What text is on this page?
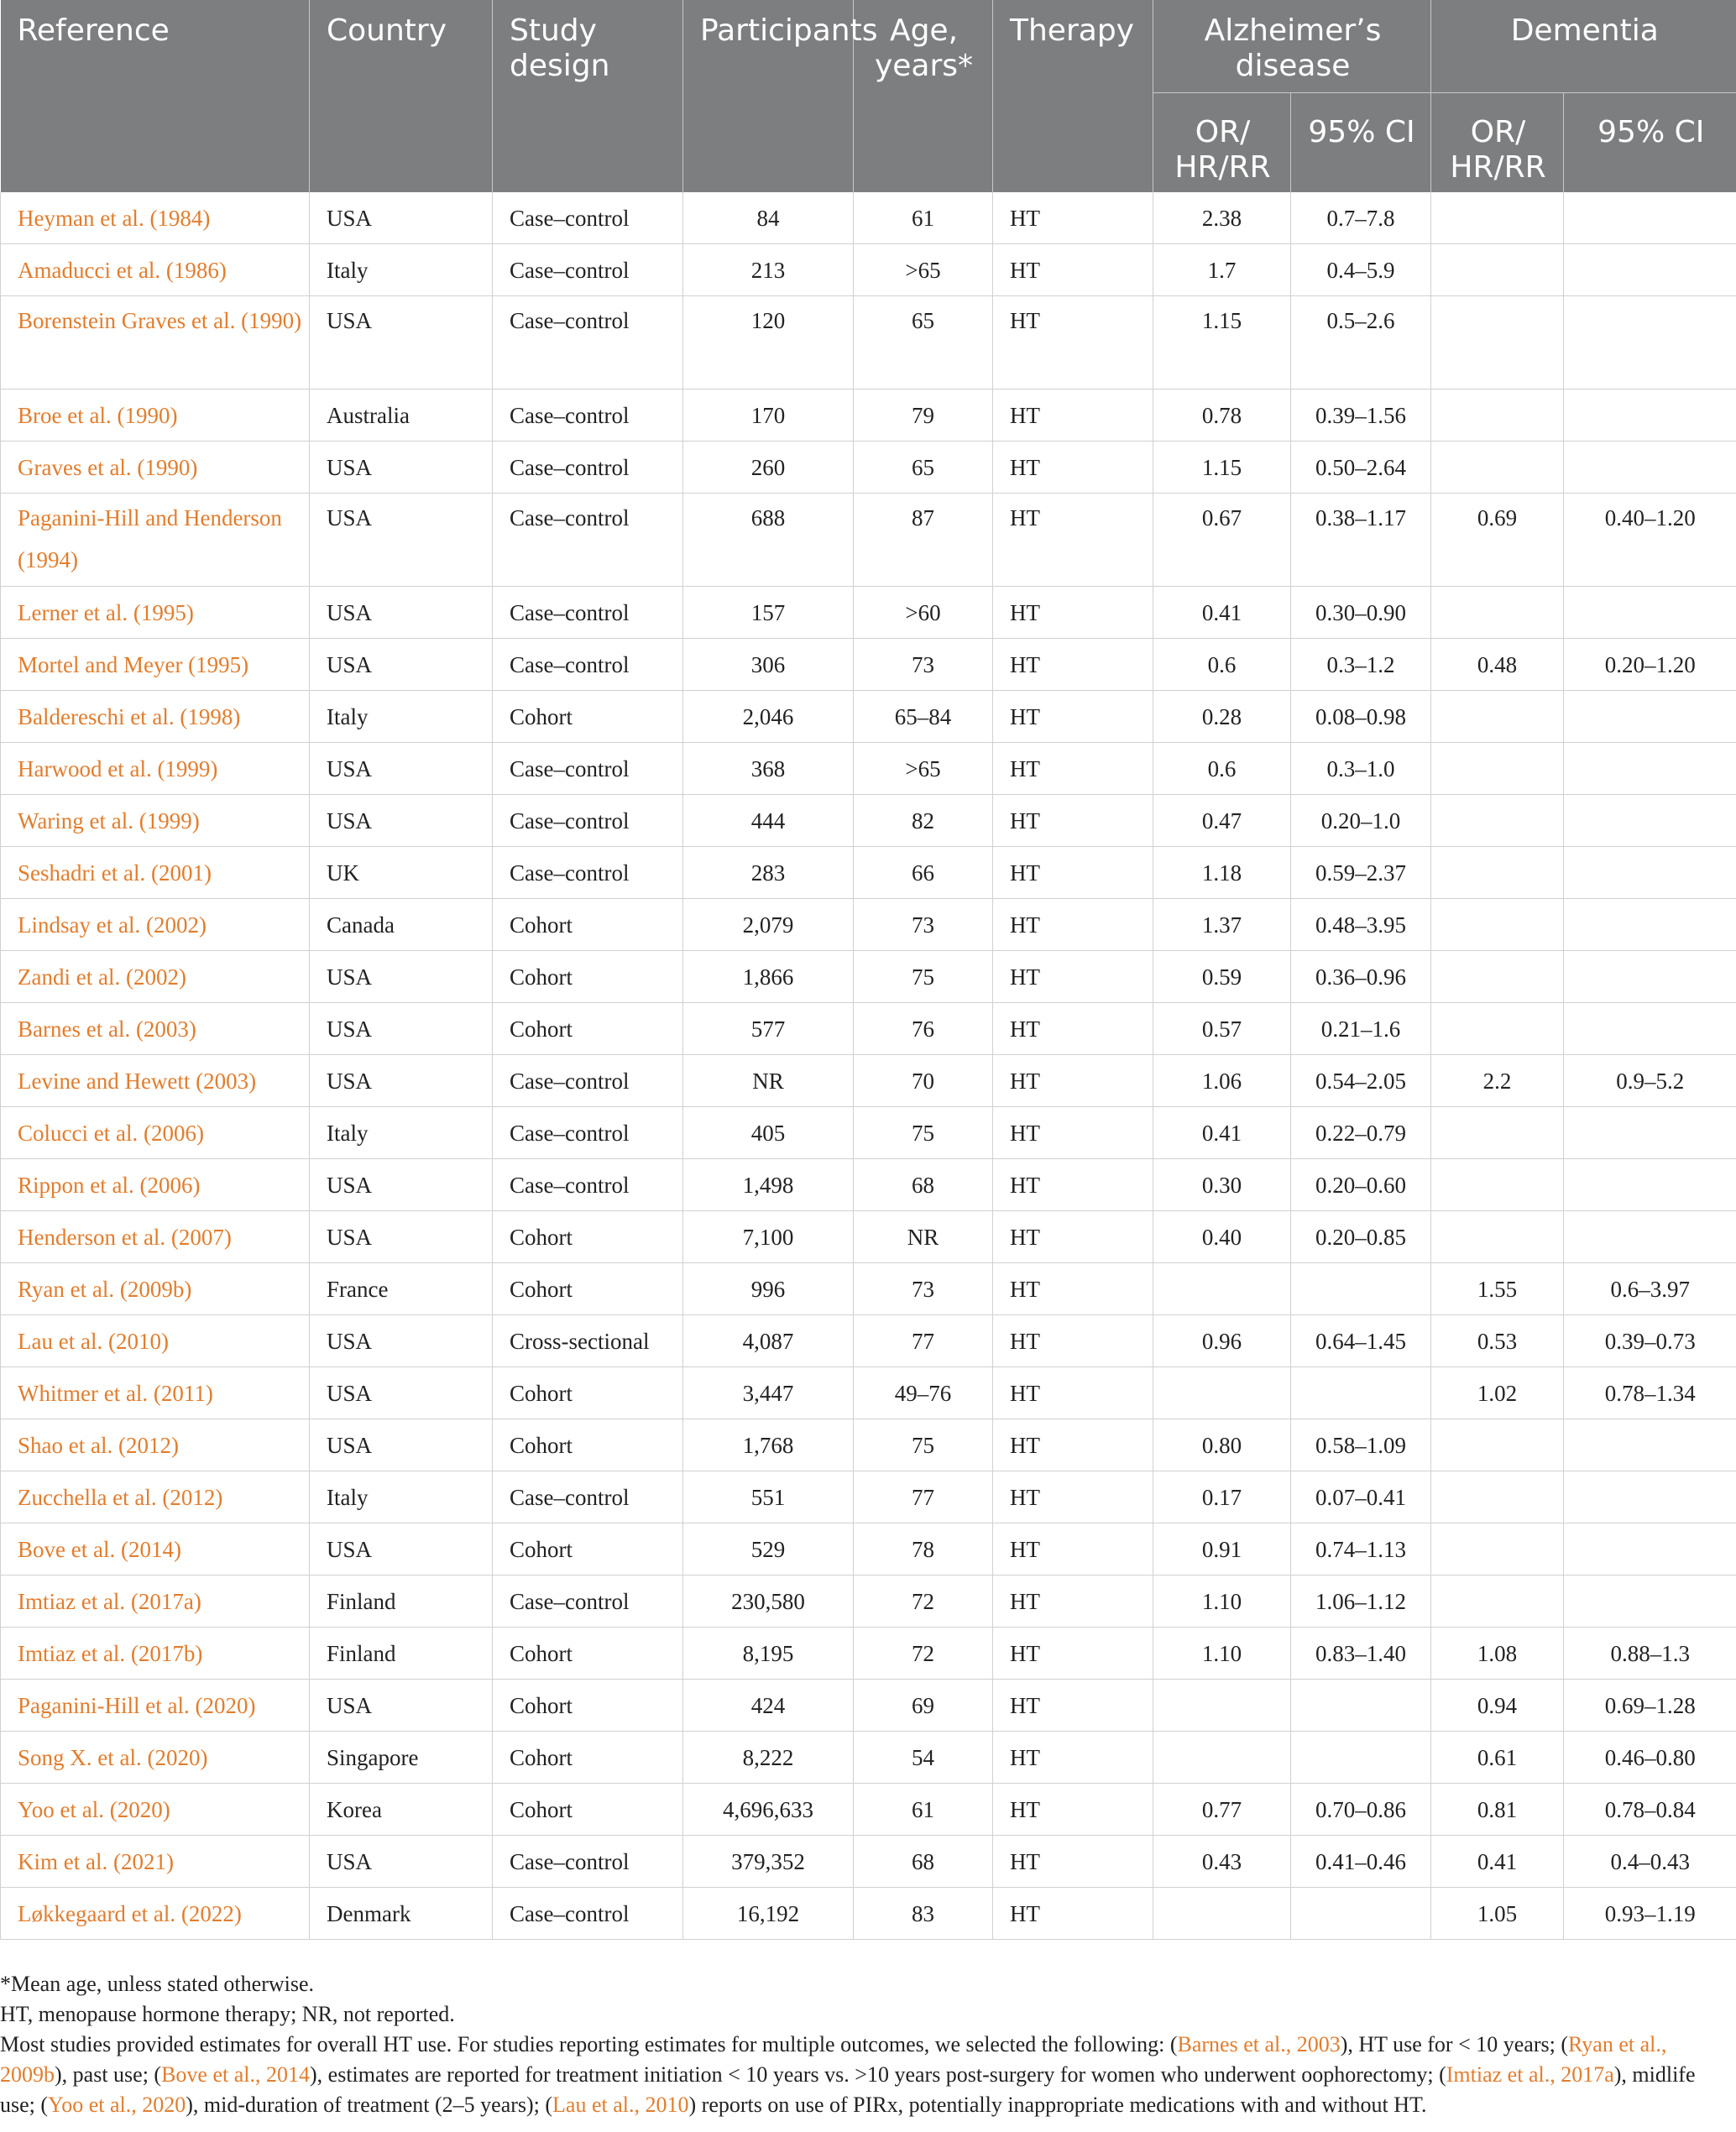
Reference	Country	Study design	Participants	Age, years*	Therapy	Alzheimer’s disease		Dementia	
						OR/ HR/RR	95% CI	OR/ HR/RR	95% CI

Heyman et al. (1984)	USA	Case–control	84	61	HT	2.38	0.7–7.8		

Amaducci et al. (1986)	Italy	Case–control	213	>65	HT	1.7	0.4–5.9		

Borenstein Graves et al. (1990)	USA	Case–control	120	65	HT	1.15	0.5–2.6		

Broe et al. (1990)	Australia	Case–control	170	79	HT	0.78	0.39–1.56		

Graves et al. (1990)	USA	Case–control	260	65	HT	1.15	0.50–2.64		

Paganini-Hill and Henderson (1994)	USA	Case–control	688	87	HT	0.67	0.38–1.17	0.69	0.40–1.20

Lerner et al. (1995)	USA	Case–control	157	>60	HT	0.41	0.30–0.90		

Mortel and Meyer (1995)	USA	Case–control	306	73	HT	0.6	0.3–1.2	0.48	0.20–1.20

Baldereschi et al. (1998)	Italy	Cohort	2,046	65–84	HT	0.28	0.08–0.98		

Harwood et al. (1999)	USA	Case–control	368	>65	HT	0.6	0.3–1.0		

Waring et al. (1999)	USA	Case–control	444	82	HT	0.47	0.20–1.0		

Seshadri et al. (2001)	UK	Case–control	283	66	HT	1.18	0.59–2.37		

Lindsay et al. (2002)	Canada	Cohort	2,079	73	HT	1.37	0.48–3.95		

Zandi et al. (2002)	USA	Cohort	1,866	75	HT	0.59	0.36–0.96		

Barnes et al. (2003)	USA	Cohort	577	76	HT	0.57	0.21–1.6		

Levine and Hewett (2003)	USA	Case–control	NR	70	HT	1.06	0.54–2.05	2.2	0.9–5.2

Colucci et al. (2006)	Italy	Case–control	405	75	HT	0.41	0.22–0.79		

Rippon et al. (2006)	USA	Case–control	1,498	68	HT	0.30	0.20–0.60		

Henderson et al. (2007)	USA	Cohort	7,100	NR	HT	0.40	0.20–0.85		

Ryan et al. (2009b)	France	Cohort	996	73	HT			1.55	0.6–3.97

Lau et al. (2010)	USA	Cross-sectional	4,087	77	HT	0.96	0.64–1.45	0.53	0.39–0.73

Whitmer et al. (2011)	USA	Cohort	3,447	49–76	HT			1.02	0.78–1.34

Shao et al. (2012)	USA	Cohort	1,768	75	HT	0.80	0.58–1.09		

Zucchella et al. (2012)	Italy	Case–control	551	77	HT	0.17	0.07–0.41		

Bove et al. (2014)	USA	Cohort	529	78	HT	0.91	0.74–1.13		

Imtiaz et al. (2017a)	Finland	Case–control	230,580	72	HT	1.10	1.06–1.12		

Imtiaz et al. (2017b)	Finland	Cohort	8,195	72	HT	1.10	0.83–1.40	1.08	0.88–1.3

Paganini-Hill et al. (2020)	USA	Cohort	424	69	HT			0.94	0.69–1.28

Song X. et al. (2020)	Singapore	Cohort	8,222	54	HT			0.61	0.46–0.80

Yoo et al. (2020)	Korea	Cohort	4,696,633	61	HT	0.77	0.70–0.86	0.81	0.78–0.84

Kim et al. (2021)	USA	Case–control	379,352	68	HT	0.43	0.41–0.46	0.41	0.4–0.43

Løkkegaard et al. (2022)	Denmark	Case–control	16,192	83	HT			1.05	0.93–1.19

*Mean age, unless stated otherwise.

HT, menopause hormone therapy; NR, not reported.

Most studies provided estimates for overall HT use. For studies reporting estimates for multiple outcomes, we selected the following: (Barnes et al., 2003), HT use for < 10 years; (Ryan et al., 2009b), past use; (Bove et al., 2014), estimates are reported for treatment initiation < 10 years vs. >10 years post-surgery for women who underwent oophorectomy; (Imtiaz et al., 2017a), midlife use; (Yoo et al., 2020), mid-duration of treatment (2–5 years); (Lau et al., 2010) reports on use of PIRx, potentially inappropriate medications with and without HT.
